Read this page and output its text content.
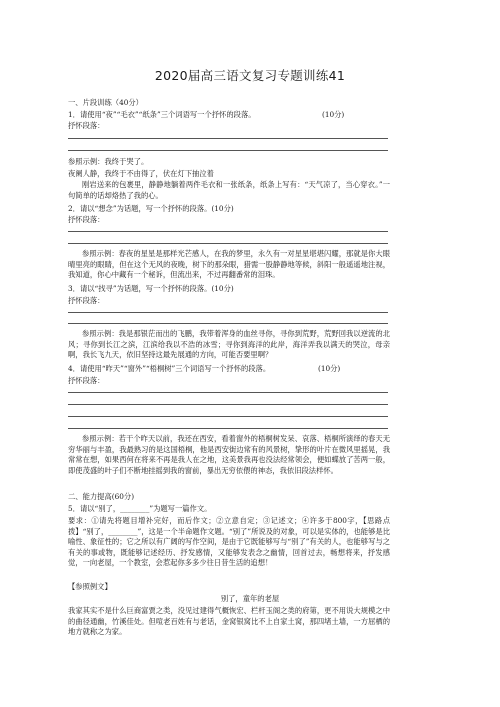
2020届高三语文复习专题训练41
一、片段训练（40分）
1．请使用“夜”“毛衣”“纸条”三个词语写一个抒怀的段落。	(10分)
抒怀段落：
参照示例：我终于哭了。
夜阑人静，我终于不由得了，伏在灯下抽泣着
刚岩送来的包裹里，静静地躺着两件毛衣和一张纸条，纸条上写有：“天气凉了，当心穿衣。”一句简单的话却烙热了我的心。
2．请以“想念”为话题，写一个抒怀的段落。(10分)
抒怀段落：
参照示例：春夜的星星是那样光芒感人，在我的梦里，永久有一对星星堪堪闪耀，那就是你大眼晴里亮的眼睛，但在这个无风的夜晚，树下的那朵眼，猎需一股静静地等候，斜阳一般遥遥地注视，我知道，你心中藏有一个秘诉，但流出来，不过再翻番常的泪珠。
3．请以“找寻”为话题，写一个抒怀的段落。(10分)
抒怀段落：
参照示例：我是那银茫而出的飞鹏，我带着浑身的血丝寻你，寻你到荒野，荒野回我以逆流的北风；寻你到长江之滨，江滨给我以不浩的冰雪；寻你到海洋的此岸，海洋弄我以满天的哭泣，母亲啊，我长飞九天，依旧坚持这最先展通的方向，可能否要里啊？
4．请使用“昨天”“窗外”“梧桐树”三个词语写一个抒怀的段落。	(10分)
抒怀段落：
参照示例：若干个昨天以前，我还在西安，看着窗外的梧桐树发呆、哀落、梧桐所演绎的春天无穷华丽与丰盈，我最熟习的是这国梧桐，他是西安街边常有的风景树，挚形的叶片在微风里摇晃，我常常在想，如果西何在将来不再是我人在之地，这美景我再也没法经常领会，便如蝶放了苦两一般，即使茂盛的叶子们不断地挂摇到我的窗前，暴出无穷依偎的神态，我依旧段法样怀。
二、能力提高(60分)
5．请以“别了，________”为题写一篇作文。
要求：①请先将题目增补完好，而后作文；②立意自定；③记述文；④许多于800字，【思路点拨】“别了，________”，这是一个半命题作文题。“别了”所说及的对象，可以是实体的，也能够是比喻性、象征性的；它之所以有广阔的写作空间，是由于它既能够写与“别了”有关的人，也能够写与之有关的事或物，既能够记述经历、抒发感情，又能够发表念之幽情，回首过去，畅想将来，抒发感觉，一向老屋，一个教室，会惹起你多多少往日昔生活的追想！
【参照例文】
别了，童年的老屋
我家其实不是什么巨商富贾之类，没见过建得气概恢宏、栏杆玉阁之类的府第，更不用说大规模之中的曲径通幽，竹溪佳处。但喧老百姓有与老话，金窝银窝比不上自家土窝，那四堵土墙，一方屈栖的地方就称之为家。
